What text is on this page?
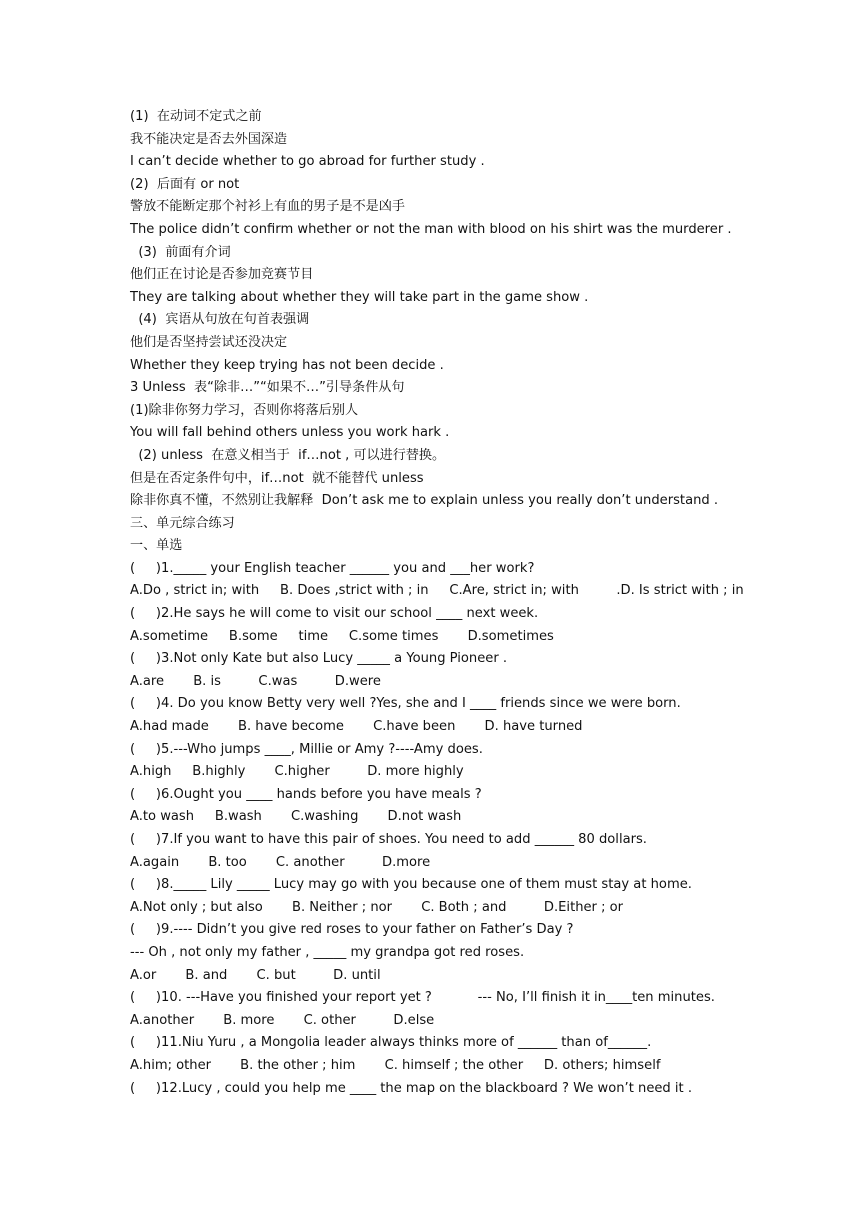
(1)  在动词不定式之前
我不能决定是否去外国深造
I can’t decide whether to go abroad for further study .
(2)  后面有 or not
警放不能断定那个衬衫上有血的男子是不是凶手
The police didn’t confirm whether or not the man with blood on his shirt was the murderer .
(3)  前面有介词
他们正在讨论是否参加竞赛节目
They are talking about whether they will take part in the game show .
(4)  宾语从句放在句首表强调
他们是否坚持尝试还没决定
Whether they keep trying has not been decide .
3 Unless  表“除非…”“如果不…”引导条件从句
(1)除非你努力学习，否则你将落后别人
You will fall behind others unless you work hark .
(2) unless  在意义相当于  if…not , 可以进行替换。
但是在否定条件句中，if…not  就不能替代 unless
除非你真不懂，不然别让我解释  Don’t ask me to explain unless you really don’t understand .
三、单元综合练习
一、单选
(     )1._____ your English teacher ______ you and ___her work?
A.Do , strict in; with     B. Does ,strict with ; in     C.Are, strict in; with         .D. Is strict with ; in
(     )2.He says he will come to visit our school ____ next week.
A.sometime     B.some     time     C.some times       D.sometimes
(     )3.Not only Kate but also Lucy _____ a Young Pioneer .
A.are       B. is         C.was         D.were
(     )4. Do you know Betty very well ?Yes, she and I ____ friends since we were born.
A.had made       B. have become       C.have been       D. have turned
(     )5.---Who jumps ____, Millie or Amy ?----Amy does.
A.high     B.highly       C.higher         D. more highly
(     )6.Ought you ____ hands before you have meals ?
A.to wash     B.wash       C.washing       D.not wash
(     )7.If you want to have this pair of shoes. You need to add ______ 80 dollars.
A.again       B. too       C. another         D.more
(     )8._____ Lily _____ Lucy may go with you because one of them must stay at home.
A.Not only ; but also       B. Neither ; nor       C. Both ; and         D.Either ; or
(     )9.---- Didn’t you give red roses to your father on Father’s Day ?
--- Oh , not only my father , _____ my grandpa got red roses.
A.or       B. and       C. but         D. until
(     )10. ---Have you finished your report yet ?           --- No, I’ll finish it in____ten minutes.
A.another       B. more       C. other         D.else
(     )11.Niu Yuru , a Mongolia leader always thinks more of ______ than of______.
A.him; other       B. the other ; him       C. himself ; the other     D. others; himself
(     )12.Lucy , could you help me ____ the map on the blackboard ? We won’t need it .
